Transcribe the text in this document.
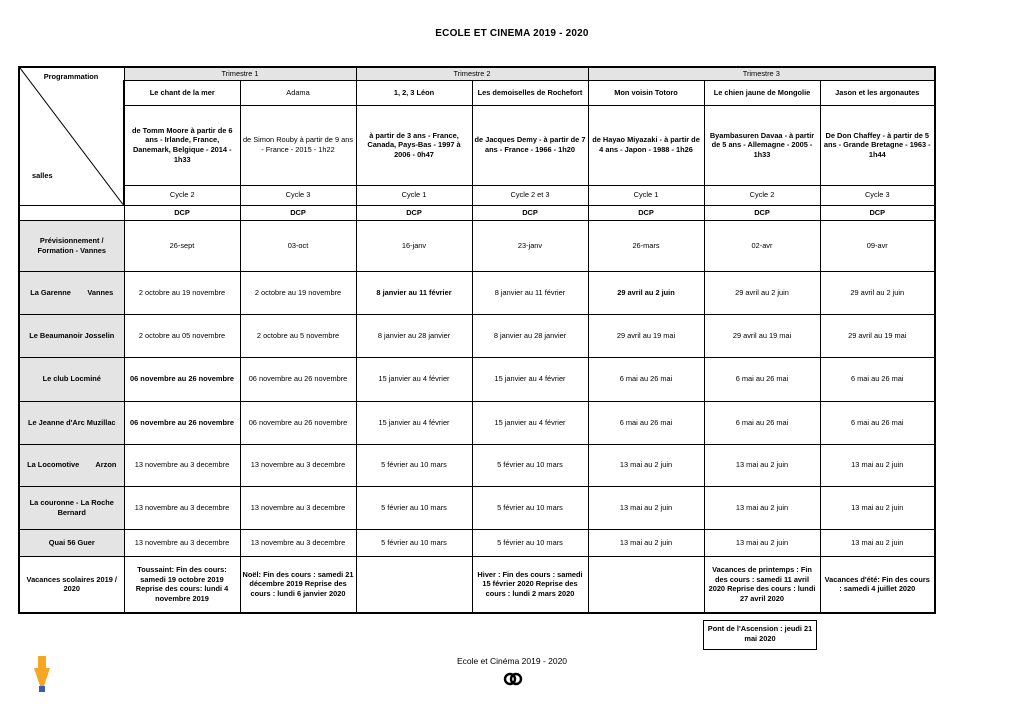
ECOLE ET CINEMA 2019 - 2020
Programmation
salles	Trimestre 1		Trimestre 2		Trimestre 3		
	Le chant de la mer	Adama	1, 2, 3 Léon	Les demoiselles de Rochefort	Mon voisin Totoro	Le chien jaune de Mongolie	Jason et les argonautes
	de Tomm Moore à partir de 6 ans - Irlande, France, Danemark, Belgique - 2014 - 1h33	de Simon Rouby à partir de 9 ans - France - 2015 - 1h22	à partir de 3 ans - France, Canada, Pays-Bas - 1997 à 2006 - 0h47	de Jacques Demy - à partir de 7 ans - France - 1966 - 1h20	de Hayao Miyazaki - à partir de 4 ans - Japon - 1988 - 1h26	Byambasuren Davaa - à partir de 5 ans - Allemagne - 2005 - 1h33	De Don Chaffey - à partir de 5 ans - Grande Bretagne - 1963 - 1h44
	Cycle 2	Cycle 3	Cycle 1	Cycle 2 et 3	Cycle 1	Cycle 2	Cycle 3
	DCP	DCP	DCP	DCP	DCP	DCP	DCP
Prévisionnement / Formation - Vannes	26-sept	03-oct	16-janv	23-janv	26-mars	02-avr	09-avr
La Garenne        Vannes	2 octobre au 19 novembre	2 octobre au 19 novembre	8 janvier au 11 février	8 janvier au 11 février	29 avril au 2 juin	29 avril au 2 juin	29 avril au 2 juin
Le Beaumanoir Josselin	2 octobre au 05 novembre	2 octobre au 5 novembre	8 janvier au 28 janvier	8 janvier au 28 janvier	29 avril au 19 mai	29 avril au 19 mai	29 avril au 19 mai
Le club Locminé	06 novembre au 26 novembre	06 novembre au 26 novembre	15 janvier au 4 février	15 janvier au 4 février	6 mai au 26 mai	6 mai au 26 mai	6 mai au 26 mai
Le Jeanne d'Arc Muzillac	06 novembre au 26 novembre	06 novembre au 26 novembre	15 janvier au 4 février	15 janvier au 4 février	6 mai au 26 mai	6 mai au 26 mai	6 mai au 26 mai
La Locomotive        Arzon	13 novembre au 3 decembre	13 novembre au 3 decembre	5 février au 10 mars	5 février au 10 mars	13 mai au 2 juin	13 mai au 2 juin	13 mai au 2 juin
La couronne - La Roche Bernard	13 novembre au 3 decembre	13 novembre au 3 decembre	5 février au 10 mars	5 février au 10 mars	13 mai au 2 juin	13 mai au 2 juin	13 mai au 2 juin
Quai 56 Guer	13 novembre au 3 decembre	13 novembre au 3 decembre	5 février au 10 mars	5 février au 10 mars	13 mai au 2 juin	13 mai au 2 juin	13 mai au 2 juin
Vacances scolaires 2019 / 2020	Toussaint: Fin des cours: samedi 19 octobre 2019 Reprise des cours: lundi 4 novembre 2019	Noël: Fin des cours : samedi 21 décembre 2019 Reprise des cours : lundi 6 janvier 2020		Hiver : Fin des cours : samedi 15 février 2020 Reprise des cours : lundi 2 mars 2020		Vacances de printemps : Fin des cours : samedi 11 avril 2020 Reprise des cours : lundi 27 avril 2020	Vacances d'été: Fin des cours : samedi 4 juillet 2020
Pont de l'Ascension : jeudi 21 mai 2020
Ecole et Cinéma 2019 - 2020
